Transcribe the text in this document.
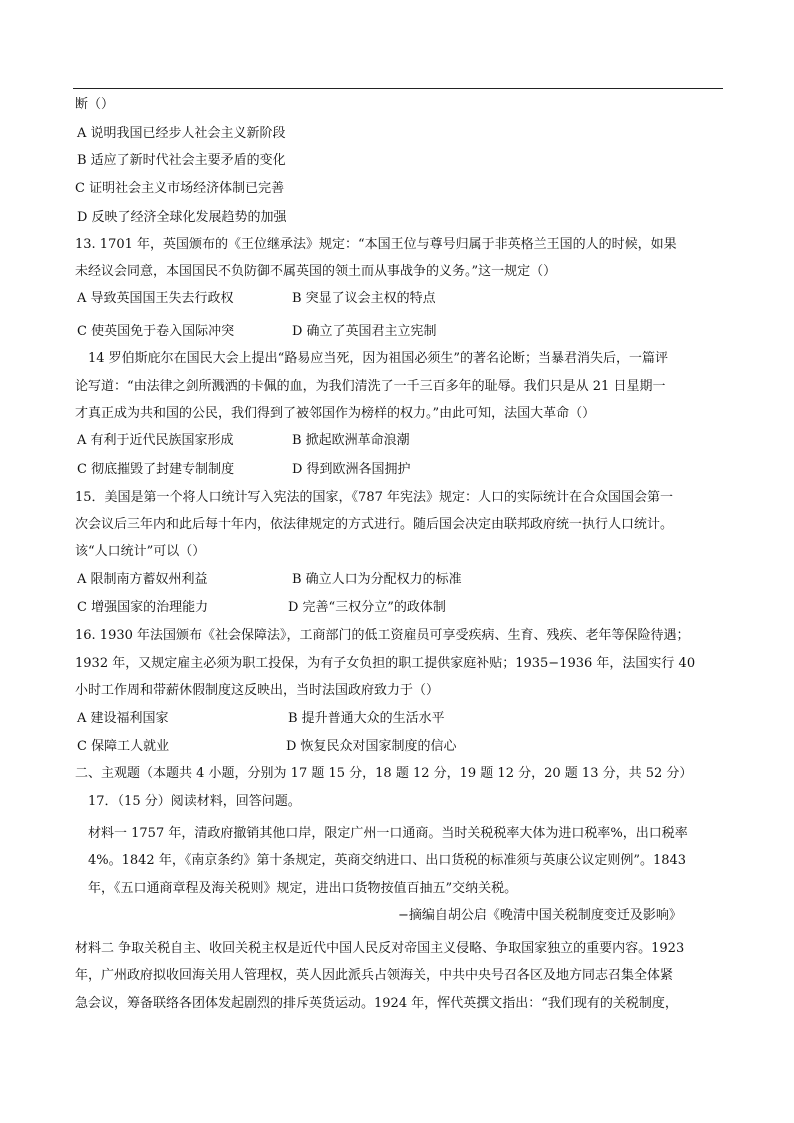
断（）
A 说明我国已经步人社会主义新阶段
B 适应了新时代社会主要矛盾的变化
C 证明社会主义市场经济体制已完善
D 反映了经济全球化发展趋势的加强
13. 1701 年，英国颁布的《王位继承法》规定：“本国王位与尊号归属于非英格兰王国的人的时候，如果
未经议会同意，本国国民不负防御不属英国的领土而从事战争的义务。”这一规定（）
A 导致英国国王失去行政权	B 突显了议会主权的特点
C 使英国免于卷入国际冲突	D 确立了英国君主立宪制
14 罗伯斯庇尔在国民大会上提出“路易应当死，因为祖国必须生”的著名论断；当暴君消失后，一篇评
论写道：“由法律之剑所溅洒的卡佩的血，为我们清洗了一千三百多年的耻辱。我们只是从 21 日星期一
才真正成为共和国的公民，我们得到了被邻国作为榜样的权力。”由此可知，法国大革命（）
A 有利于近代民族国家形成	B 掀起欧洲革命浪潮
C 彻底摧毁了封建专制制度	D 得到欧洲各国拥护
15．美国是第一个将人口统计写入宪法的国家，《787 年宪法》规定：人口的实际统计在合众国国会第一
次会议后三年内和此后每十年内，依法律规定的方式进行。随后国会决定由联邦政府统一执行人口统计。
该“人口统计”可以（）
A 限制南方蓄奴州利益	B 确立人口为分配权力的标准
C 增强国家的治理能力	D 完善“三权分立”的政体制
16. 1930 年法国颁布《社会保障法》，工商部门的低工资雇员可享受疾病、生育、残疾、老年等保险待遇；
1932 年，又规定雇主必须为职工投保，为有子女负担的职工提供家庭补贴；1935−1936 年，法国实行 40
小时工作周和带薪休假制度这反映出，当时法国政府致力于（）
A 建设福利国家	B 提升普通大众的生活水平
C 保障工人就业	D 恢复民众对国家制度的信心
二、主观题（本题共 4 小题，分别为 17 题 15 分，18 题 12 分，19 题 12 分，20 题 13 分，共 52 分）
17．（15 分）阅读材料，回答问题。
材料一 1757 年，清政府撤销其他口岸，限定广州一口通商。当时关税税率大体为进口税率%，出口税率
4%。1842 年，《南京条约》第十条规定，英商交纳进口、出口货税的标准须与英康公议定则例”。1843
年，《五口通商章程及海关税则》规定，进出口货物按值百抽五”交纳关税。
−摘编自胡公启《晚清中国关税制度变迁及影响》
材料二 争取关税自主、收回关税主权是近代中国人民反对帝国主义侵略、争取国家独立的重要内容。1923
年，广州政府拟收回海关用人管理权，英人因此派兵占领海关，中共中央号召各区及地方同志召集全体紧
急会议，筹备联络各团体发起剧烈的排斥英货运动。1924 年，恽代英撰文指出：“我们现有的关税制度，
